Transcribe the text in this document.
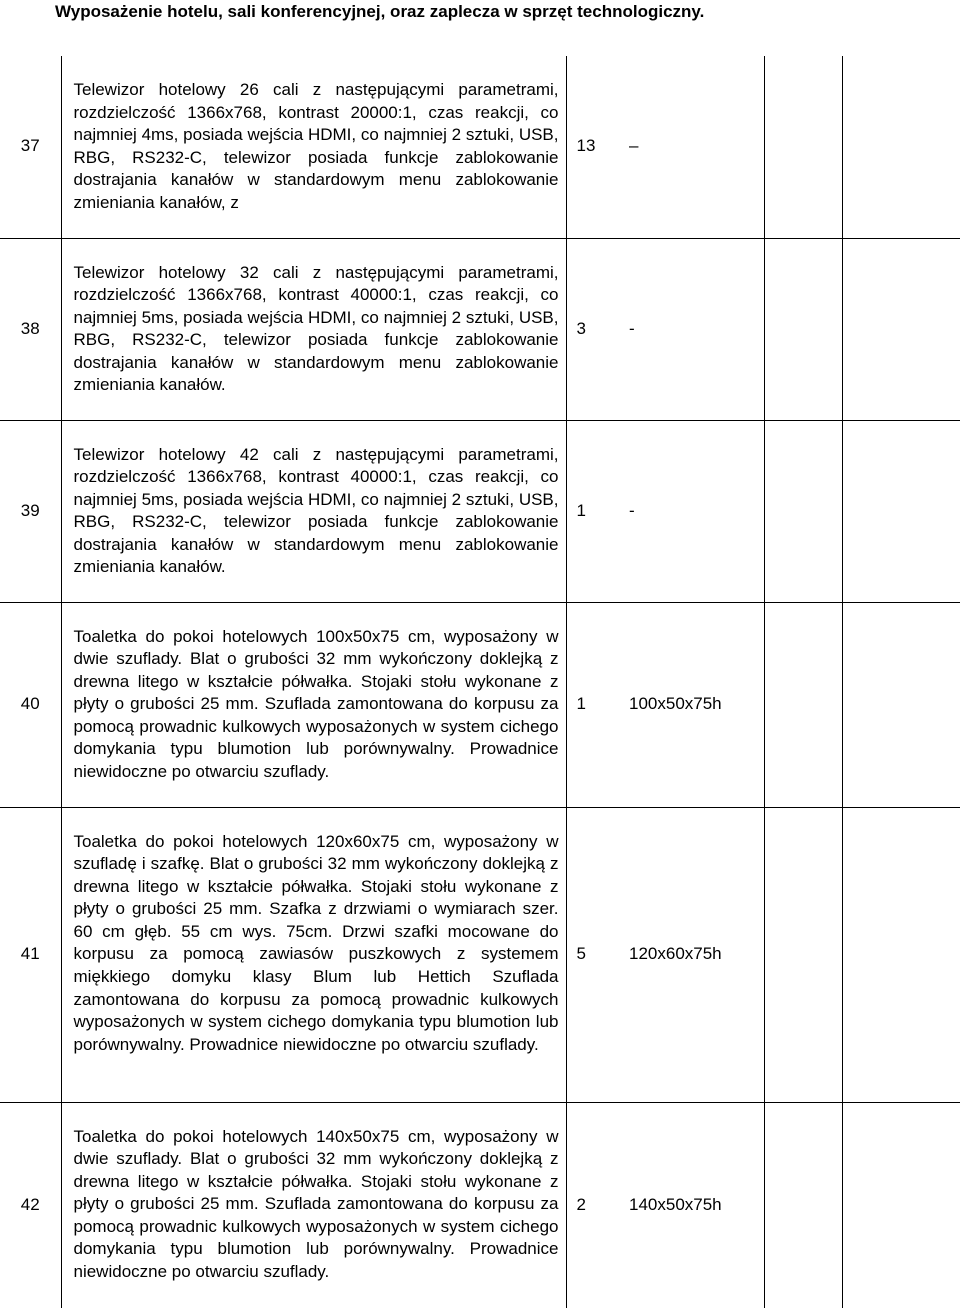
Wyposażenie hotelu, sali konferencyjnej, oraz zaplecza w sprzęt technologiczny.
37	Telewizor hotelowy 26 cali z następującymi parametrami, rozdzielczość 1366x768, kontrast 20000:1, czas reakcji, co najmniej 4ms, posiada wejścia HDMI, co najmniej 2 sztuki, USB, RBG, RS232-C, telewizor posiada funkcje zablokowanie dostrajania kanałów w standardowym menu zablokowanie zmieniania kanałów, z	13	–		
38	Telewizor hotelowy 32 cali z następującymi parametrami, rozdzielczość 1366x768, kontrast 40000:1, czas reakcji, co najmniej 5ms, posiada wejścia HDMI, co najmniej 2 sztuki, USB, RBG, RS232-C, telewizor posiada funkcje zablokowanie dostrajania kanałów w standardowym menu zablokowanie zmieniania kanałów.	3	-		
39	Telewizor hotelowy 42 cali z następującymi parametrami, rozdzielczość 1366x768, kontrast 40000:1, czas reakcji, co najmniej 5ms, posiada wejścia HDMI, co najmniej 2 sztuki, USB, RBG, RS232-C, telewizor posiada funkcje zablokowanie dostrajania kanałów w standardowym menu zablokowanie zmieniania kanałów.	1	-		
40	Toaletka do pokoi hotelowych 100x50x75 cm, wyposażony w dwie szuflady. Blat o grubości 32 mm wykończony doklejką z drewna litego w kształcie półwałka. Stojaki stołu wykonane z płyty o grubości 25 mm. Szuflada zamontowana do korpusu za pomocą prowadnic kulkowych wyposażonych w system cichego domykania typu blumotion lub porównywalny. Prowadnice niewidoczne po otwarciu szuflady.	1	100x50x75h		
41	Toaletka do pokoi hotelowych 120x60x75 cm, wyposażony w szufladę i szafkę. Blat o grubości 32 mm wykończony doklejką z drewna litego w kształcie półwałka. Stojaki stołu wykonane z płyty o grubości 25 mm. Szafka z drzwiami o wymiarach szer. 60 cm głęb. 55 cm wys. 75cm. Drzwi szafki mocowane do korpusu za pomocą zawiasów puszkowych z systemem miękkiego domyku klasy Blum lub Hettich Szuflada zamontowana do korpusu za pomocą prowadnic kulkowych wyposażonych w system cichego domykania typu blumotion lub porównywalny. Prowadnice niewidoczne po otwarciu szuflady.	5	120x60x75h		
42	Toaletka do pokoi hotelowych 140x50x75 cm, wyposażony w dwie szuflady. Blat o grubości 32 mm wykończony doklejką z drewna litego w kształcie półwałka. Stojaki stołu wykonane z płyty o grubości 25 mm. Szuflada zamontowana do korpusu za pomocą prowadnic kulkowych wyposażonych w system cichego domykania typu blumotion lub porównywalny. Prowadnice niewidoczne po otwarciu szuflady.	2	140x50x75h		
